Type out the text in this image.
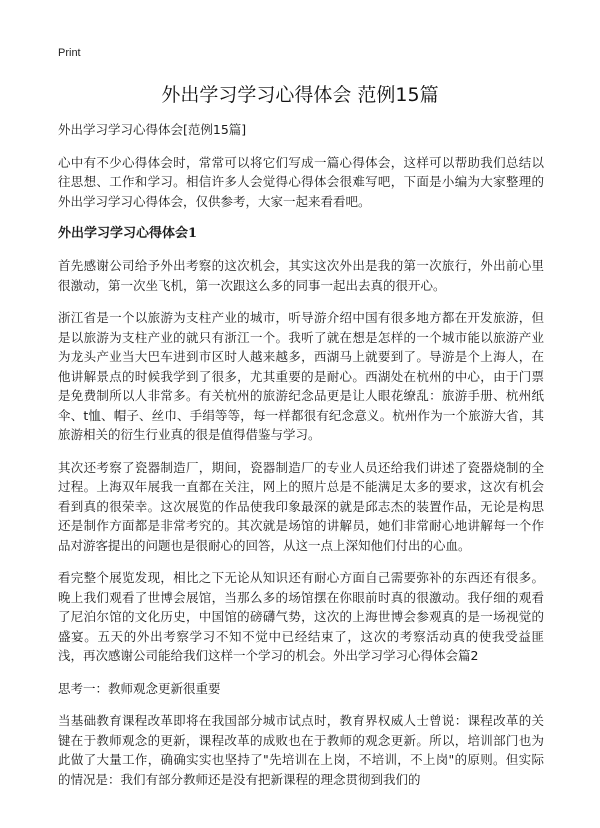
Print
外出学习学习心得体会 范例15篇

外出学习学习心得体会[范例15篇]

心中有不少心得体会时，常常可以将它们写成一篇心得体会，这样可以帮助我们总结以往思想、工作和学习。相信许多人会觉得心得体会很难写吧，下面是小编为大家整理的外出学习学习心得体会，仅供参考，大家一起来看看吧。

外出学习学习心得体会1

首先感谢公司给予外出考察的这次机会，其实这次外出是我的第一次旅行，外出前心里很激动，第一次坐飞机，第一次跟这么多的同事一起出去真的很开心。

浙江省是一个以旅游为支柱产业的城市，听导游介绍中国有很多地方都在开发旅游，但是以旅游为支柱产业的就只有浙江一个。我听了就在想是怎样的一个城市能以旅游产业为龙头产业当大巴车进到市区时人越来越多，西湖马上就要到了。导游是个上海人，在他讲解景点的时候我学到了很多，尤其重要的是耐心。西湖处在杭州的中心，由于门票是免费制所以人非常多。有关杭州的旅游纪念品更是让人眼花缭乱：旅游手册、杭州纸伞、t恤、帽子、丝巾、手绢等等，每一样都很有纪念意义。杭州作为一个旅游大省，其旅游相关的衍生行业真的很是值得借鉴与学习。

其次还考察了瓷器制造厂，期间，瓷器制造厂的专业人员还给我们讲述了瓷器烧制的全过程。上海双年展我一直都在关注，网上的照片总是不能满足太多的要求，这次有机会看到真的很荣幸。这次展览的作品使我印象最深的就是邱志杰的装置作品，无论是构思还是制作方面都是非常考究的。其次就是场馆的讲解员，她们非常耐心地讲解每一个作品对游客提出的问题也是很耐心的回答，从这一点上深知他们付出的心血。

看完整个展览发现，相比之下无论从知识还有耐心方面自己需要弥补的东西还有很多。晚上我们观看了世博会展馆，当那么多的场馆摆在你眼前时真的很激动。我仔细的观看了尼泊尔馆的文化历史，中国馆的磅礴气势，这次的上海世博会参观真的是一场视觉的盛宴。五天的外出考察学习不知不觉中已经结束了，这次的考察活动真的使我受益匪浅，再次感谢公司能给我们这样一个学习的机会。外出学习学习心得体会篇2

思考一：教师观念更新很重要

当基础教育课程改革即将在我国部分城市试点时，教育界权威人士曾说：课程改革的关键在于教师观念的更新，课程改革的成败也在于教师的观念更新。所以，培训部门也为此做了大量工作，确确实实也坚持了"先培训在上岗，不培训，不上岗"的原则。但实际的情况是：我们有部分教师还是没有把新课程的理念贯彻到我们的
